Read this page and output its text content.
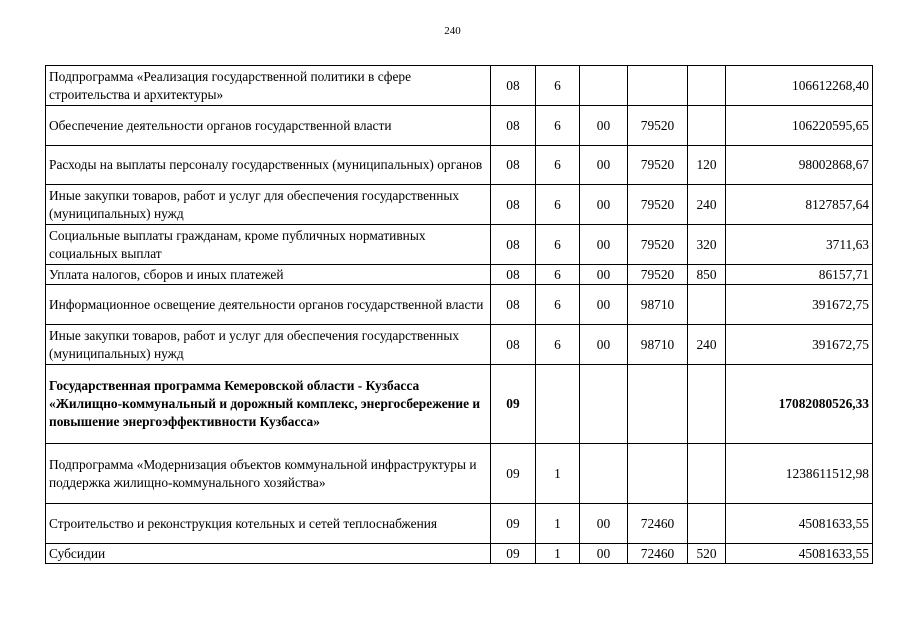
240
Подпрограмма «Реализация государственной политики в сфере строительства и архитектуры»	08	6				106612268,40
Обеспечение деятельности органов государственной власти	08	6	00	79520		106220595,65
Расходы на выплаты персоналу государственных (муниципальных) органов	08	6	00	79520	120	98002868,67
Иные закупки товаров, работ и услуг для обеспечения государственных (муниципальных) нужд	08	6	00	79520	240	8127857,64
Социальные выплаты гражданам, кроме публичных нормативных социальных выплат	08	6	00	79520	320	3711,63
Уплата налогов, сборов и иных платежей	08	6	00	79520	850	86157,71
Информационное освещение деятельности органов государственной власти	08	6	00	98710		391672,75
Иные закупки товаров, работ и услуг для обеспечения государственных (муниципальных) нужд	08	6	00	98710	240	391672,75
Государственная программа Кемеровской области - Кузбасса «Жилищно-коммунальный и дорожный комплекс, энергосбережение и повышение энергоэффективности Кузбасса»	09					17082080526,33
Подпрограмма «Модернизация объектов коммунальной инфраструктуры и поддержка жилищно-коммунального хозяйства»	09	1				1238611512,98
Строительство и реконструкция котельных и сетей теплоснабжения	09	1	00	72460		45081633,55
Субсидии	09	1	00	72460	520	45081633,55
